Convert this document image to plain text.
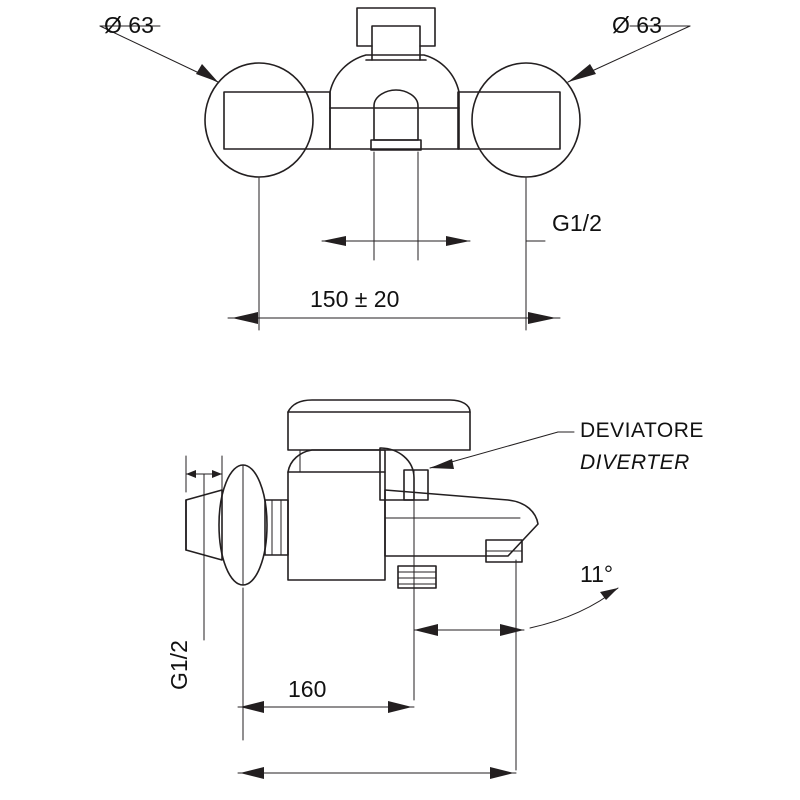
Ø 63	Ø 63
G1/2
150 ± 20
DEVIATORE
DIVERTER
G1/2
11°
160
